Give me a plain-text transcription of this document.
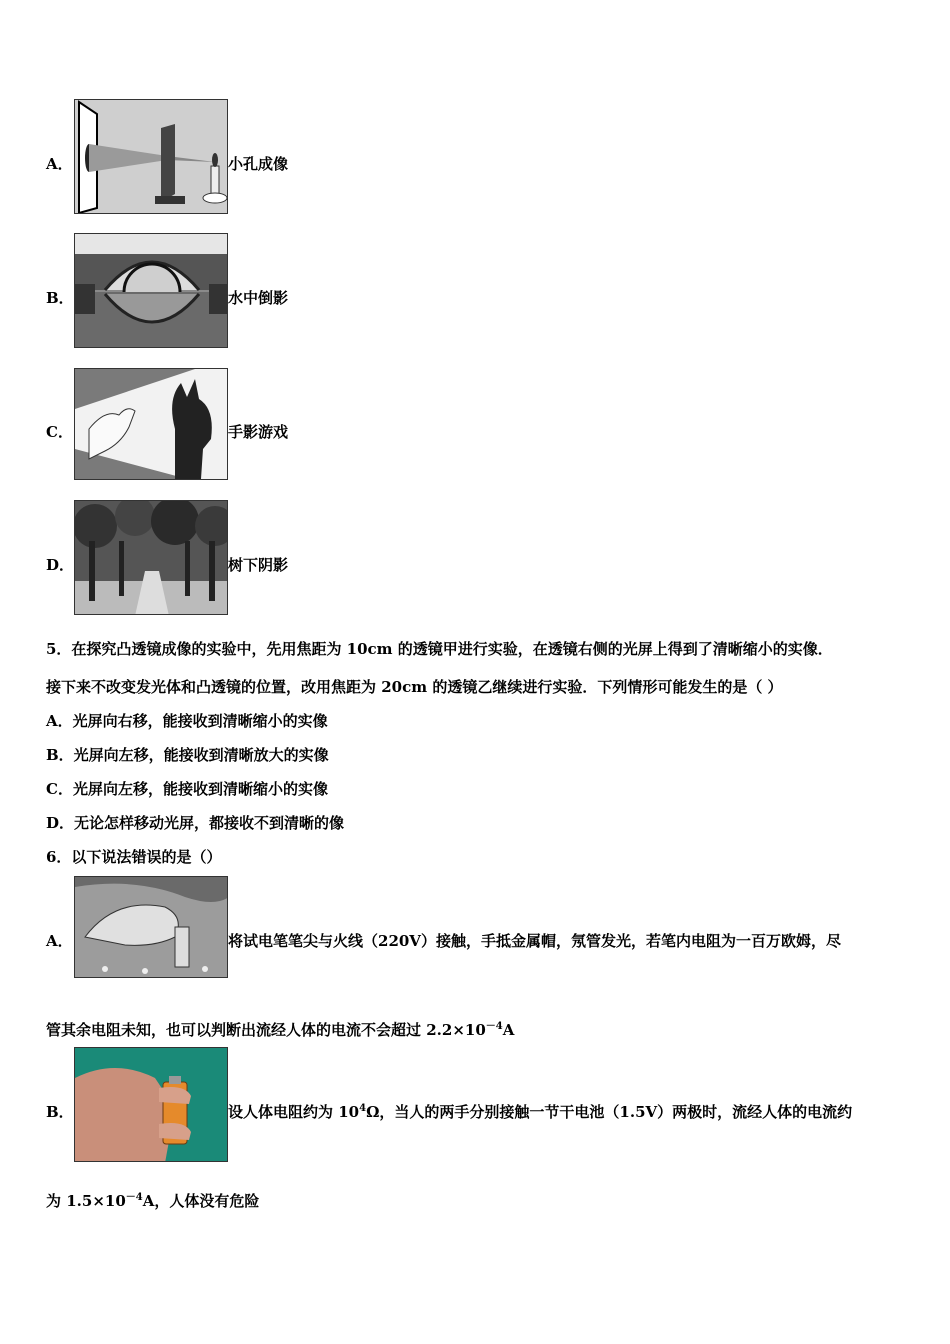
A．	小孔成像
B．	水中倒影
C．	手影游戏
D．	树下阴影
5．在探究凸透镜成像的实验中，先用焦距为 10cm 的透镜甲进行实验，在透镜右侧的光屏上得到了清晰缩小的实像．
接下来不改变发光体和凸透镜的位置，改用焦距为 20cm 的透镜乙继续进行实验．下列情形可能发生的是（ ）
A．光屏向右移，能接收到清晰缩小的实像
B．光屏向左移，能接收到清晰放大的实像
C．光屏向左移，能接收到清晰缩小的实像
D．无论怎样移动光屏，都接收不到清晰的像
6．以下说法错误的是（）
A．	将试电笔笔尖与火线（220V）接触，手抵金属帽，氖管发光，若笔内电阻为一百万欧姆，尽
管其余电阻未知，也可以判断出流经人体的电流不会超过 $2.2\times 10^{-4}A$
B．	设人体电阻约为 $10^4\Omega$，当人的两手分别接触一节干电池（1.5V）两极时，流经人体的电流约
为 $1.5\times 10^{-4}A$，人体没有危险
